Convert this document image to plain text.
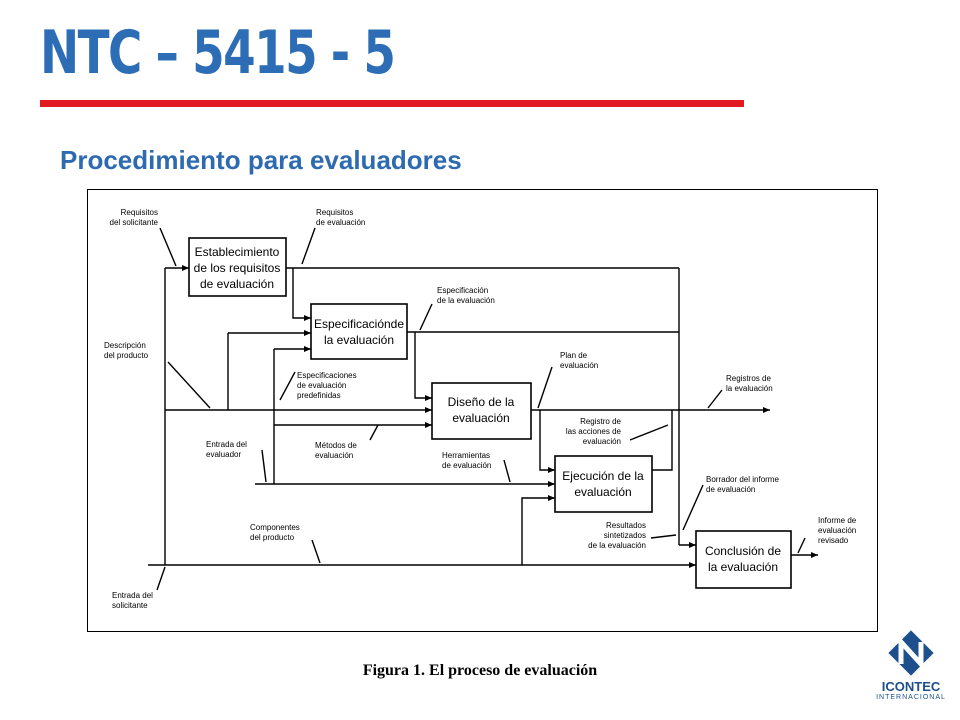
NTC – 5415 - 5
Procedimiento para evaluadores
Establecimiento
de los requisitos
de evaluación
Especificaciónde
la evaluación
Diseño de la
evaluación
Ejecución de la
evaluación
Conclusión de
la evaluación
Requisitos
del solicitante
Requisitos
de evaluación
Especificación
de la evaluación
Descripción
del producto
Especificaciones
de evaluación
predefinidas
Plan de
evaluación
Registros de
la evaluación
Registro de
las acciones de
evaluación
Entrada del
evaluador
Métodos de
evaluación	Herramientas
de evaluación
Borrador del informe
de evaluación
Componentes
del producto
Resultados
sintetizados
de la evaluación
Informe de
evaluación
revisado
Entrada del
solicitante
Figura 1. El proceso de evaluación
ICONTEC
INTERNACIONAL
